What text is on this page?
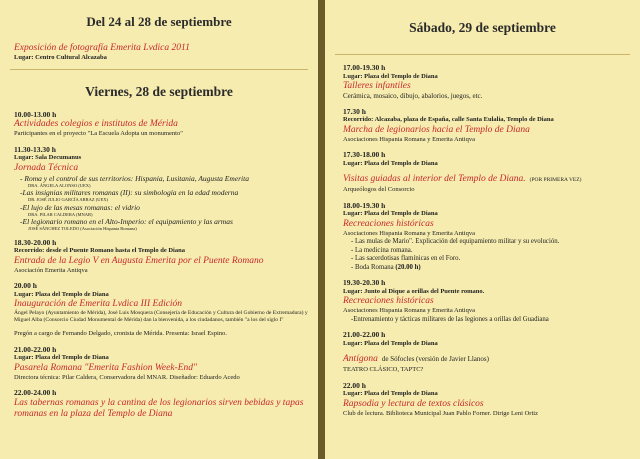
Del 24 al 28 de septiembre
Exposición de fotografía Emerita Lvdica 2011
Lugar: Centro Cultural Alcazaba
Viernes, 28 de septiembre
10.00-13.00 h
Actividades colegios e institutos de Mérida
Participantes en el proyecto "La Escuela Adopta un monumento"
11.30-13.30 h
Lugar: Sala Decumanus
Jornada Técnica
- Roma y el control de sus territorios: Hispania, Lusitania, Augusta Emerita
DRA. ÁNGELA ALONSO (UEX)
-Las insignias militares romanas (II): su simbología en la edad moderna
DR. JOSÉ JULIO GARCÍA ARRAZ (UEX)
-El lujo de las mesas romanas: el vidrio
DRA. PILAR CALDERA (MNAR)
-El legionario romano en el Alto-Imperio: el equipamiento y las armas
JOSÉ SÁNCHEZ TOLEDO (Asociación Hispania Romana)
18.30-20.00 h
Recorrido: desde el Puente Romano hasta el Templo de Diana
Entrada de la Legio V en Augusta Emerita por el Puente Romano
Asociación Emerita Antiqva
20.00 h
Lugar: Plaza del Templo de Diana
Inauguración de Emerita Lvdica III Edición
Ángel Pelayo (Ayuntamiento de Mérida), José Luis Mosquera (Consejería de Educación y Cultura del Gobierno de Extremadura) y Miguel Alba (Consorcio Ciudad Monumental de Mérida) dan la bienvenida, a los ciudadanos, también "a los del siglo I"
Pregón a cargo de Fernando Delgado, cronista de Mérida. Presenta: Israel Espino.
21.00-22.00 h
Lugar: Plaza del Templo de Diana
Pasarela Romana "Emerita Fashion Week-End"
Directora técnica: Pilar Caldera, Conservadora del MNAR. Diseñador: Eduardo Acedo
22.00-24.00 h
Las tabernas romanas y la cantina de los legionarios sirven bebidas y tapas romanas en la plaza del Templo de Diana
Sábado, 29 de septiembre
17.00-19.30 h
Lugar: Plaza del Templo de Diana
Talleres infantiles
Cerámica, mosaico, dibujo, abalorios, juegos, etc.
17.30 h
Recorrido: Alcazaba, plaza de España, calle Santa Eulalia, Templo de Diana
Marcha de legionarios hacia el Templo de Diana
Asociaciones Hispania Romana y Emerita Antiqva
17.30-18.00 h
Lugar: Plaza del Templo de Diana
Visitas guiadas al interior del Templo de Diana. (POR PRIMERA VEZ)
Arqueólogos del Consorcio
18.00-19.30 h
Lugar: Plaza del Templo de Diana
Recreaciones históricas
Asociaciones Hispania Romana y Emerita Antiqva
- Las mulas de Mario". Explicación del equipamiento militar y su evolución.
- La medicina romana.
- Las sacerdotisas flamínicas en el Foro.
- Boda Romana (20.00 h)
19.30-20.30 h
Lugar: Junto al Dique a orillas del Puente romano.
Recreaciones históricas
Asociaciones Hispania Romana y Emerita Antiqva
-Entrenamiento y tácticas militares de las legiones a orillas del Guadiana
21.00-22.00 h
Lugar: Plaza del Templo de Diana
Antígona de Sófocles (versión de Javier Llanos)
TEATRO CLÁSICO, TAPTC?
22.00 h
Lugar: Plaza del Templo de Diana
Rapsodia y lectura de textos clásicos
Club de lectura. Biblioteca Municipal Juan Pablo Forner. Dirige Leni Ortiz
